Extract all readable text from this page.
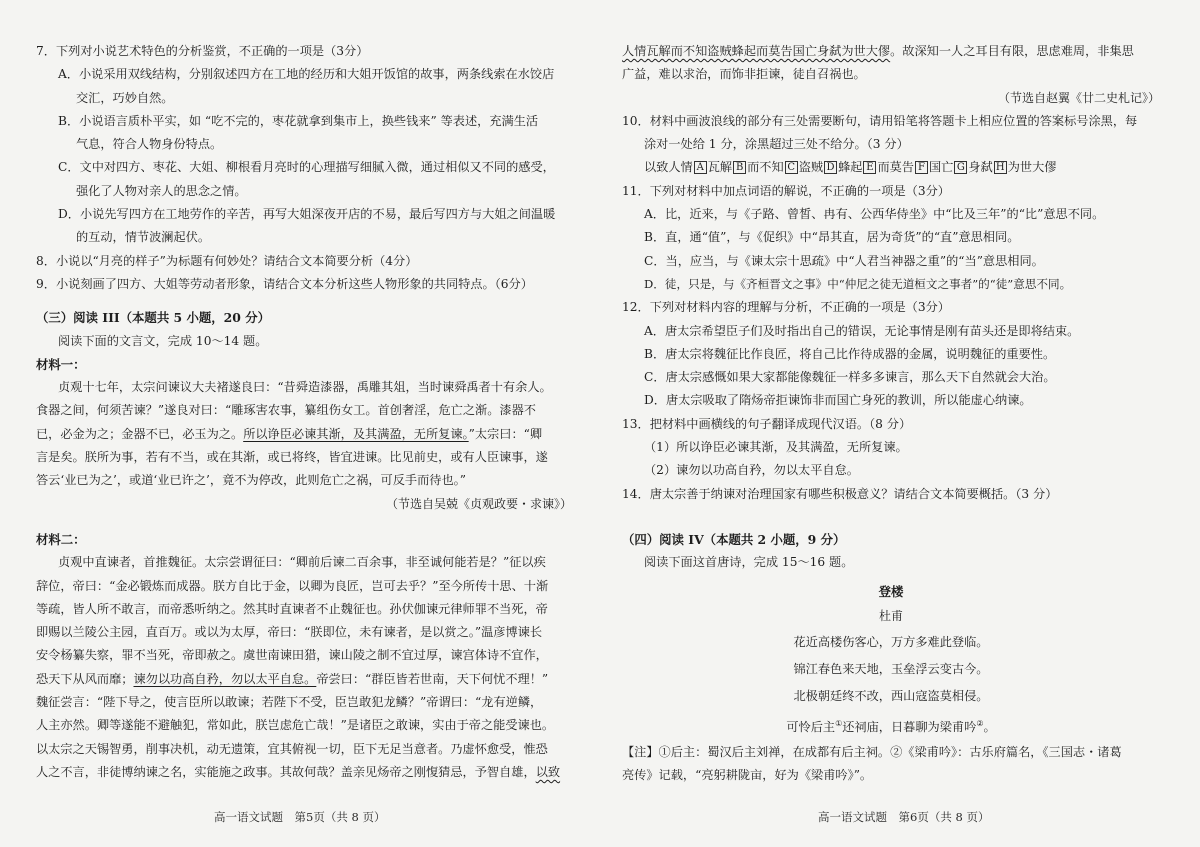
7．下列对小说艺术特色的分析鉴赏，不正确的一项是（3分）
A．小说采用双线结构，分别叙述四方在工地的经历和大姐开饭馆的故事，两条线索在水饺店
交汇，巧妙自然。
B．小说语言质朴平实，如 “吃不完的，枣花就拿到集市上，换些钱来” 等表述，充满生活
气息，符合人物身份特点。
C．文中对四方、枣花、大姐、柳根看月亮时的心理描写细腻入微，通过相似又不同的感受，
强化了人物对亲人的思念之情。
D．小说先写四方在工地劳作的辛苦，再写大姐深夜开店的不易，最后写四方与大姐之间温暖
的互动，情节波澜起伏。
8．小说以“月亮的样子”为标题有何妙处？请结合文本简要分析（4分）
9．小说刻画了四方、大姐等劳动者形象，请结合文本分析这些人物形象的共同特点。（6分）
（三）阅读 III（本题共 5 小题，20 分）
阅读下面的文言文，完成 10～14 题。
材料一：
贞观十七年，太宗问谏议大夫褚遂良曰：“昔舜造漆器，禹雕其俎，当时谏舜禹者十有余人。
食器之间，何须苦谏？”遂良对曰：“雕琢害农事，纂组伤女工。首创奢淫，危亡之渐。漆器不
已，必金为之；金器不已，必玉为之。所以诤臣必谏其渐，及其满盈，无所复谏。”太宗曰：“卿
言是矣。朕所为事，若有不当，或在其渐，或已将终，皆宜进谏。比见前史，或有人臣谏事，遂
答云‘业已为之’，或道‘业已许之’，竟不为停改，此则危亡之祸，可反手而待也。”
（节选自吴兢《贞观政要・求谏》）
材料二：
贞观中直谏者，首推魏征。太宗尝谓征曰：“卿前后谏二百余事，非至诚何能若是？”征以疾
辞位，帝曰：“金必锻炼而成器。朕方自比于金，以卿为良匠，岂可去乎？”至今所传十思、十渐
等疏，皆人所不敢言，而帝悉听纳之。然其时直谏者不止魏征也。孙伏伽谏元律师罪不当死，帝
即赐以兰陵公主园，直百万。或以为太厚，帝曰：“朕即位，未有谏者，是以赏之。”温彦博谏长
安令杨纂失察，罪不当死，帝即赦之。虞世南谏田猎，谏山陵之制不宜过厚，谏宫体诗不宜作，
恐天下从风而靡；谏勿以功高自矜，勿以太平自怠。帝尝曰：“群臣皆若世南，天下何忧不理！”
魏征尝言：“陛下导之，使言臣所以敢谏；若陛下不受，臣岂敢犯龙鳞？”帝谓曰：“龙有逆鳞，
人主亦然。卿等遂能不避触犯，常如此，朕岂虑危亡哉！”是诸臣之敢谏，实由于帝之能受谏也。
以太宗之天锡智勇，削事决机，动无遗策，宜其俯视一切，臣下无足当意者。乃虚怀愈受，惟恐
人之不言，非徒博纳谏之名，实能施之政事。其故何哉？盖亲见炀帝之刚愎猜忌，予智自雄，以致
高一语文试题　第5页（共 8 页）
人情瓦解而不知盗贼蜂起而莫告国亡身弑为世大僇。故深知一人之耳目有限，思虑难周，非集思
广益，难以求治，而饰非拒谏，徒自召祸也。
（节选自赵翼《廿二史札记》）
10．材料中画波浪线的部分有三处需要断句，请用铅笔将答题卡上相应位置的答案标号涂黑，每
涂对一处给 1 分，涂黑超过三处不给分。（3 分）
以致人情 A 瓦解 B 而不知 C 盗贼 D 蜂起 E 而莫告 F 国亡 G 身弑 H 为世大僇
11．下列对材料中加点词语的解说，不正确的一项是（3分）
A．比，近来，与《子路、曾皙、冉有、公西华侍坐》中“比及三年”的“比”意思不同。
B．直，通“值”，与《促织》中“昂其直，居为奇货”的“直”意思相同。
C．当，应当，与《谏太宗十思疏》中“人君当神器之重”的“当”意思相同。
D．徒，只是，与《齐桓晋文之事》中“仲尼之徒无道桓文之事者”的“徒”意思不同。
12．下列对材料内容的理解与分析，不正确的一项是（3分）
A．唐太宗希望臣子们及时指出自己的错误，无论事情是刚有苗头还是即将结束。
B．唐太宗将魏征比作良匠，将自己比作待成器的金属，说明魏征的重要性。
C．唐太宗感慨如果大家都能像魏征一样多多谏言，那么天下自然就会大治。
D．唐太宗吸取了隋炀帝拒谏饰非而国亡身死的教训，所以能虚心纳谏。
13．把材料中画横线的句子翻译成现代汉语。（8 分）
（1）所以诤臣必谏其渐，及其满盈，无所复谏。
（2）谏勿以功高自矜，勿以太平自怠。
14．唐太宗善于纳谏对治理国家有哪些积极意义？请结合文本简要概括。（3 分）
（四）阅读 IV（本题共 2 小题，9 分）
阅读下面这首唐诗，完成 15～16 题。
登楼
杜甫
花近高楼伤客心，万方多难此登临。
锦江春色来天地，玉垒浮云变古今。
北极朝廷终不改，西山寇盗莫相侵。
可怜后主①还祠庙，日暮聊为梁甫吟②。
【注】①后主：蜀汉后主刘禅，在成都有后主祠。②《梁甫吟》：古乐府篇名，《三国志・诸葛
亮传》记载，“亮躬耕陇亩，好为《梁甫吟》”。
高一语文试题　第6页（共 8 页）
